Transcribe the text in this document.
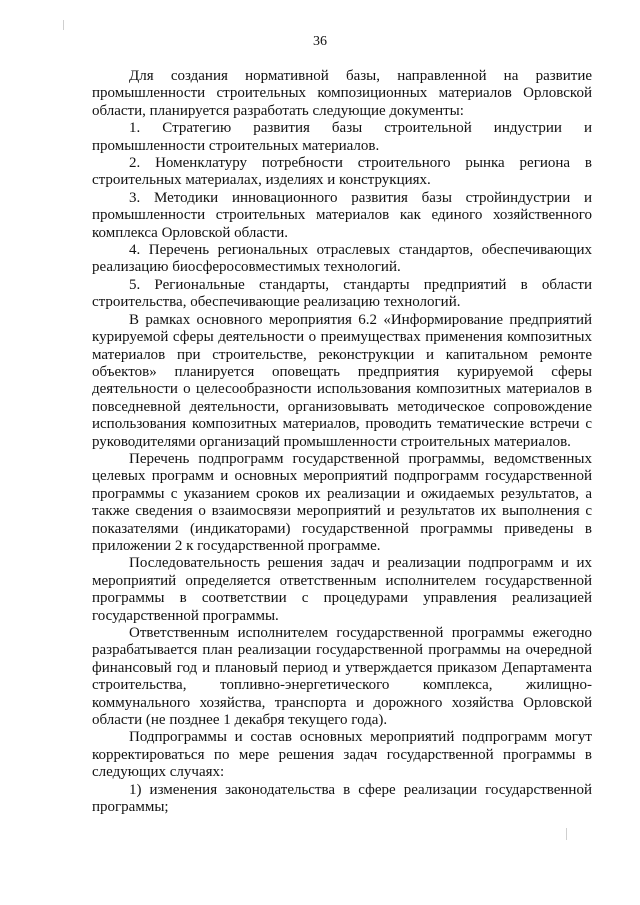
36

Для создания нормативной базы, направленной на развитие промышленности строительных композиционных материалов Орловской области, планируется разработать следующие документы:

1. Стратегию развития базы строительной индустрии и промышленности строительных материалов.

2. Номенклатуру потребности строительного рынка региона в строительных материалах, изделиях и конструкциях.

3. Методики инновационного развития базы стройиндустрии и промышленности строительных материалов как единого хозяйственного комплекса Орловской области.

4. Перечень региональных отраслевых стандартов, обеспечивающих реализацию биосферосовместимых технологий.

5. Региональные стандарты, стандарты предприятий в области строительства, обеспечивающие реализацию технологий.

В рамках основного мероприятия 6.2 «Информирование предприятий курируемой сферы деятельности о преимуществах применения композитных материалов при строительстве, реконструкции и капитальном ремонте объектов» планируется оповещать предприятия курируемой сферы деятельности о целесообразности использования композитных материалов в повседневной деятельности, организовывать методическое сопровождение использования композитных материалов, проводить тематические встречи с руководителями организаций промышленности строительных материалов.

Перечень подпрограмм государственной программы, ведомственных целевых программ и основных мероприятий подпрограмм государственной программы с указанием сроков их реализации и ожидаемых результатов, а также сведения о взаимосвязи мероприятий и результатов их выполнения с показателями (индикаторами) государственной программы приведены в приложении 2 к государственной программе.

Последовательность решения задач и реализации подпрограмм и их мероприятий определяется ответственным исполнителем государственной программы в соответствии с процедурами управления реализацией государственной программы.

Ответственным исполнителем государственной программы ежегодно разрабатывается план реализации государственной программы на очередной финансовый год и плановый период и утверждается приказом Департамента строительства, топливно-энергетического комплекса, жилищно-коммунального хозяйства, транспорта и дорожного хозяйства Орловской области (не позднее 1 декабря текущего года).

Подпрограммы и состав основных мероприятий подпрограмм могут корректироваться по мере решения задач государственной программы в следующих случаях:

1) изменения законодательства в сфере реализации государственной программы;
